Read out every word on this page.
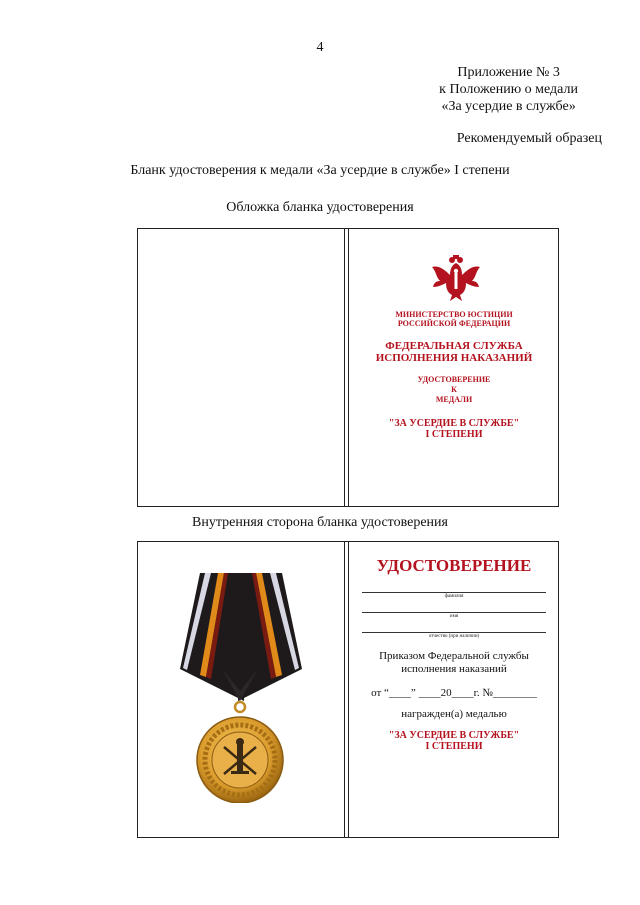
4
Приложение № 3
к Положению о медали
«За усердие в службе»
Рекомендуемый образец
Бланк удостоверения к медали «За усердие в службе» I степени
Обложка бланка удостоверения
МИНИСТЕРСТВО ЮСТИЦИИ
РОССИЙСКОЙ ФЕДЕРАЦИИ
ФЕДЕРАЛЬНАЯ СЛУЖБА
ИСПОЛНЕНИЯ НАКАЗАНИЙ
УДОСТОВЕРЕНИЕ
К
МЕДАЛИ
"ЗА УСЕРДИЕ В СЛУЖБЕ"
I СТЕПЕНИ
Внутренняя сторона бланка удостоверения
УДОСТОВЕРЕНИЕ
фамилия
имя
отчество (при наличии)
Приказом Федеральной службы
исполнения наказаний
от “____” ____20____г. №________
награжден(а) медалью
"ЗА УСЕРДИЕ В СЛУЖБЕ"
I СТЕПЕНИ
